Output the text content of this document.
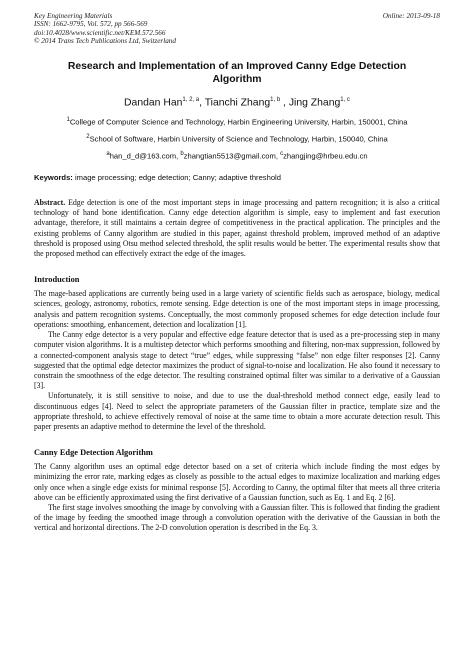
Key Engineering Materials
ISSN: 1662-9795, Vol. 572, pp 566-569
doi:10.4028/www.scientific.net/KEM.572.566
© 2014 Trans Tech Publications Ltd, Switzerland
Online: 2013-09-18
Research and Implementation of an Improved Canny Edge Detection Algorithm
Dandan Han$^{1, 2, a}$, Tianchi Zhang$^{1, b}$ , Jing Zhang$^{1, c}$
$^1$College of Computer Science and Technology, Harbin Engineering University, Harbin, 150001, China
$^2$School of Software, Harbin University of Science and Technology, Harbin, 150040, China
$^a$han_d_d@163.com, $^b$zhangtian5513@gmail.com, $^c$zhangjing@hrbeu.edu.cn
Keywords: image processing; edge detection; Canny; adaptive threshold
Abstract. Edge detection is one of the most important steps in image processing and pattern recognition; it is also a critical technology of hand bone identification. Canny edge detection algorithm is simple, easy to implement and fast execution advantage, therefore, it still maintains a certain degree of competitiveness in the practical application. The principles and the existing problems of Canny algorithm are studied in this paper, against threshold problem, improved method of an adaptive threshold is proposed using Otsu method selected threshold, the split results would be better. The experimental results show that the proposed method can effectively extract the edge of the images.
Introduction

The mage-based applications are currently being used in a large variety of scientific fields such as aerospace, biology, medical sciences, geology, astronomy, robotics, remote sensing. Edge detection is one of the most important steps in image processing, analysis and pattern recognition systems. Conceptually, the most commonly proposed schemes for edge detection include four operations: smoothing, enhancement, detection and localization [1].

The Canny edge detector is a very popular and effective edge feature detector that is used as a pre-processing step in many computer vision algorithms. It is a multistep detector which performs smoothing and filtering, non-max suppression, followed by a connected-component analysis stage to detect “true” edges, while suppressing “false” non edge filter responses [2]. Canny suggested that the optimal edge detector maximizes the product of signal-to-noise and localization. He also found it necessary to constrain the smoothness of the edge detector. The resulting constrained optimal filter was similar to a derivative of a Gaussian [3].

Unfortunately, it is still sensitive to noise, and due to use the dual-threshold method connect edge, easily lead to discontinuous edges [4]. Need to select the appropriate parameters of the Gaussian filter in practice, template size and the appropriate threshold, to achieve effectively removal of noise at the same time to obtain a more accurate detection result. This paper presents an adaptive method to determine the level of the threshold.

Canny Edge Detection Algorithm

The Canny algorithm uses an optimal edge detector based on a set of criteria which include finding the most edges by minimizing the error rate, marking edges as closely as possible to the actual edges to maximize localization and marking edges only once when a single edge exists for minimal response [5]. According to Canny, the optimal filter that meets all three criteria above can be efficiently approximated using the first derivative of a Gaussian function, such as Eq. 1 and Eq. 2 [6].

The first stage involves smoothing the image by convolving with a Gaussian filter. This is followed that finding the gradient of the image by feeding the smoothed image through a convolution operation with the derivative of the Gaussian in both the vertical and horizontal directions. The 2-D convolution operation is described in the Eq. 3.
